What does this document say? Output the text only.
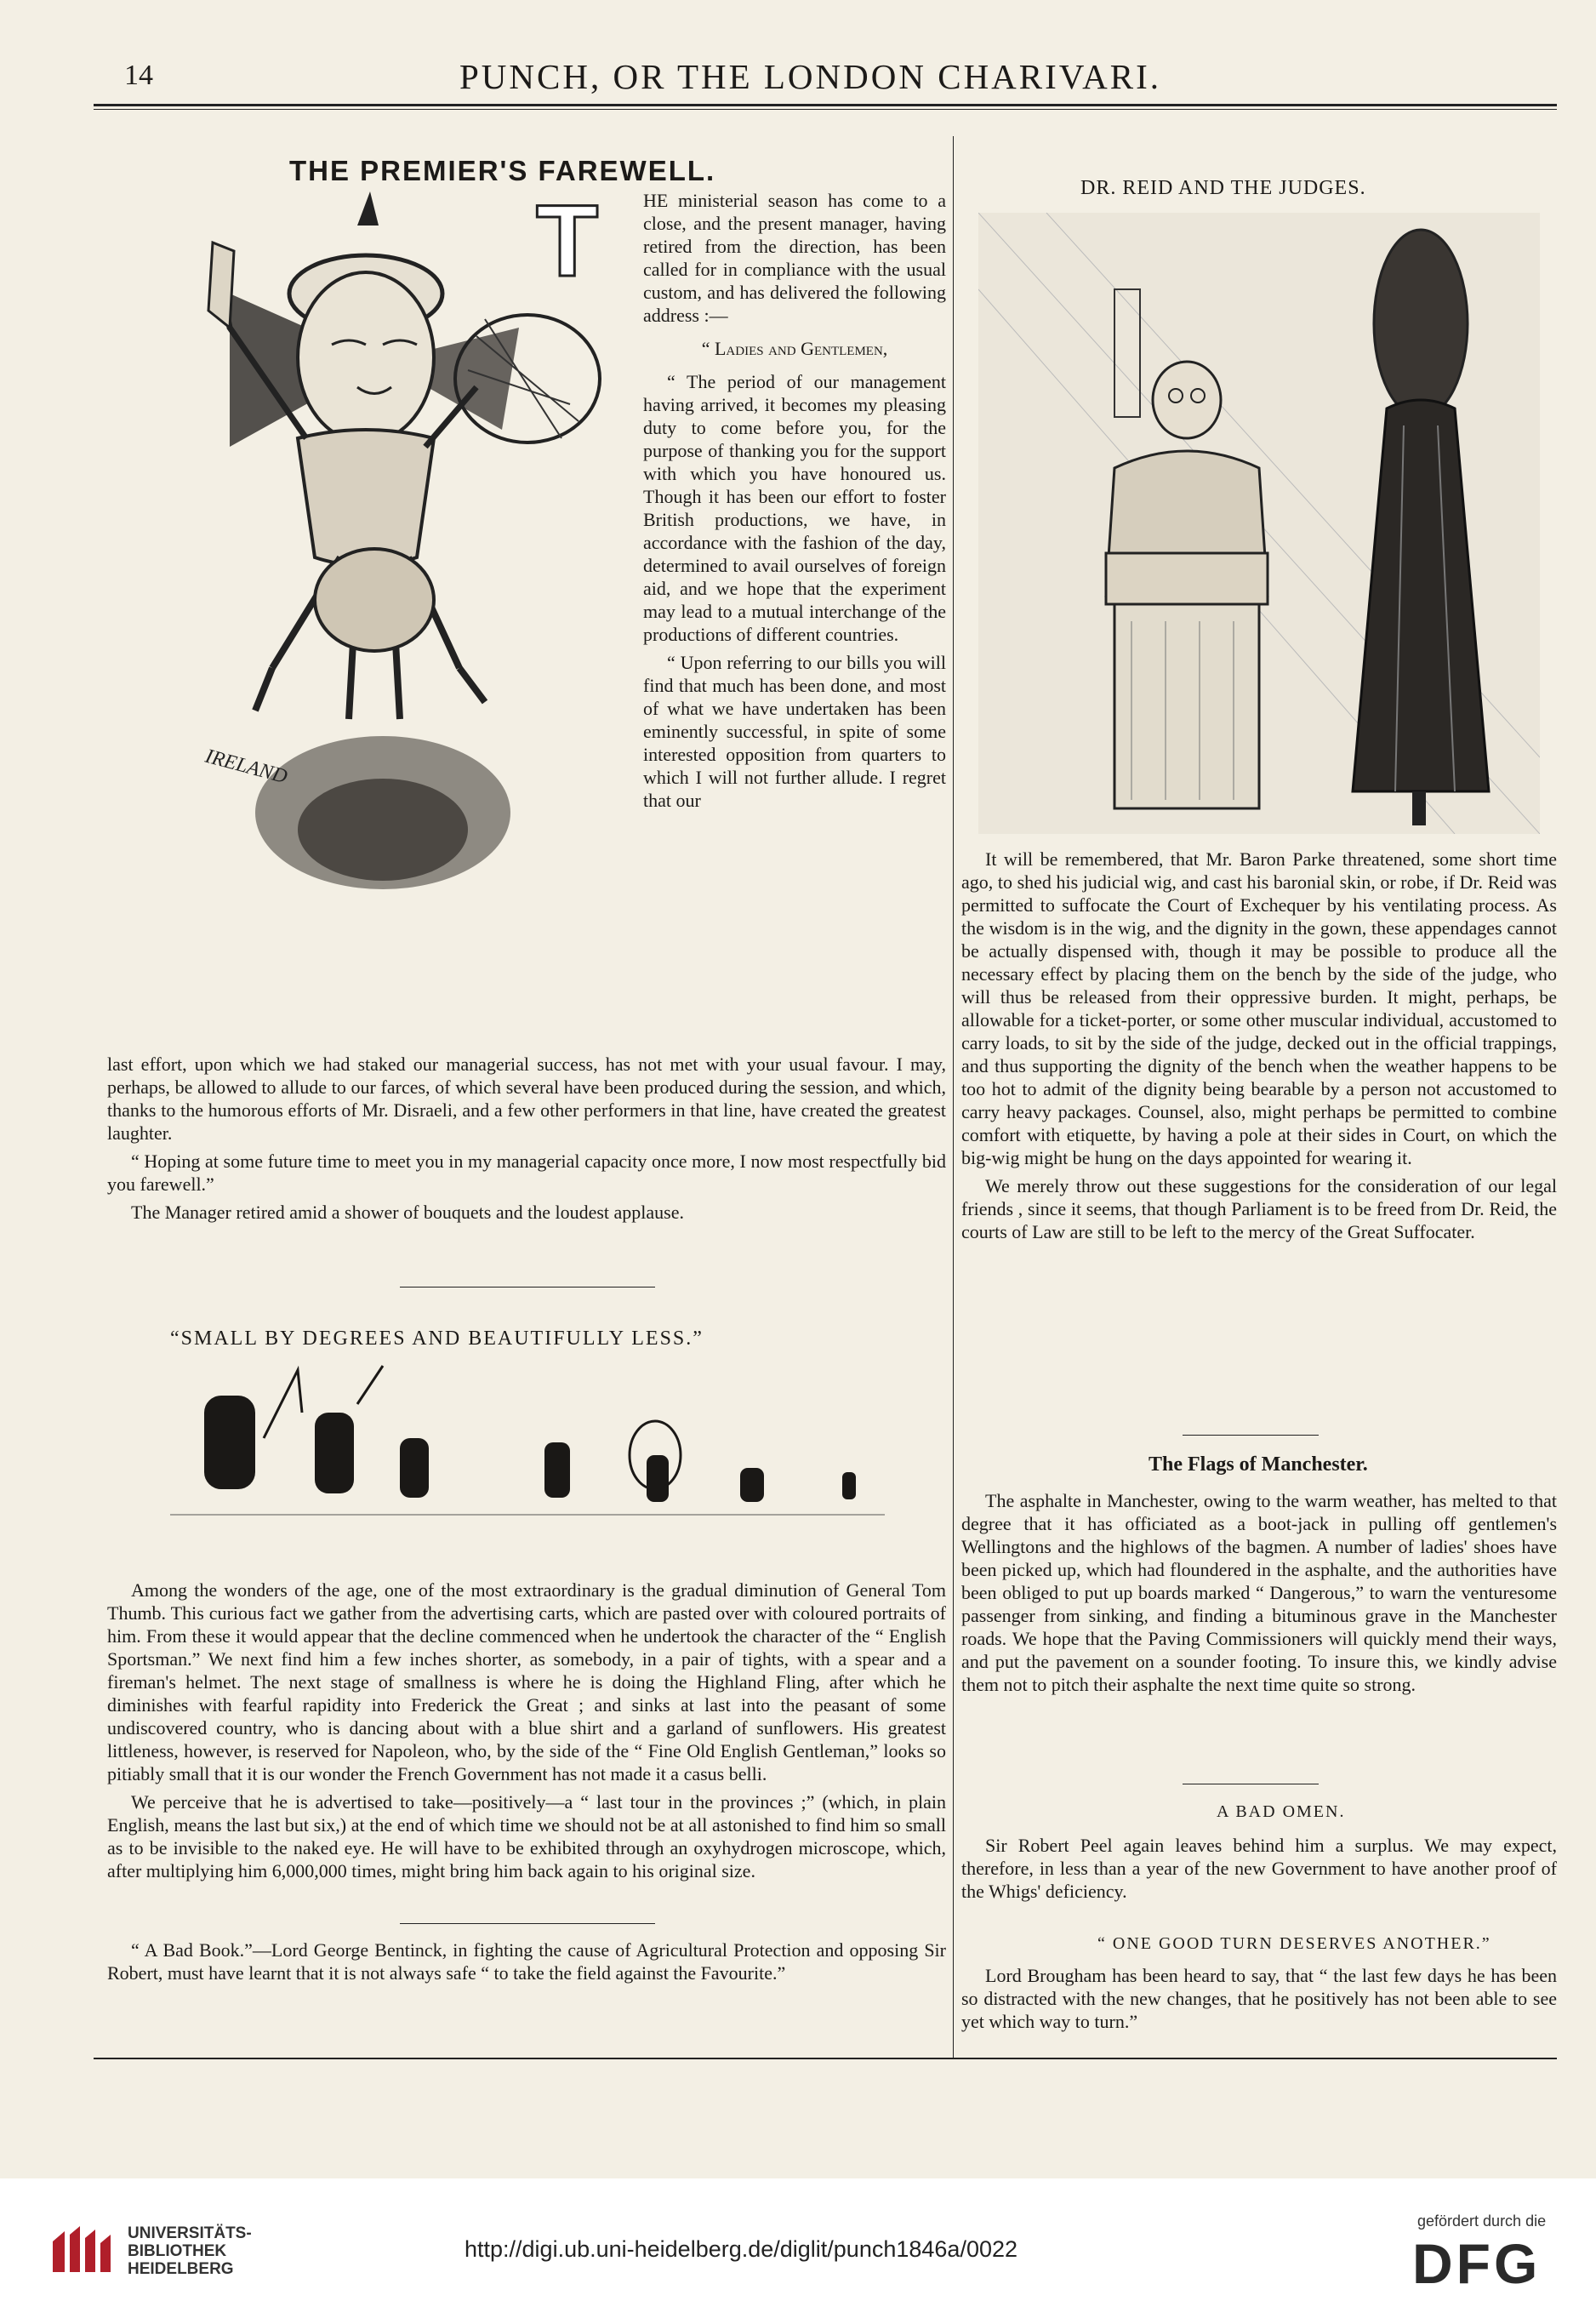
14	PUNCH, OR THE LONDON CHARIVARI.
THE PREMIER'S FAREWELL.
IRELAND
T HE ministerial season has come to a close, and the present manager, having retired from the direction, has been called for in compliance with the usual custom, and has delivered the following address :—

“ Ladies and Gentlemen,

“ The period of our management having arrived, it becomes my pleasing duty to come before you, for the purpose of thanking you for the support with which you have honoured us. Though it has been our effort to foster British productions, we have, in accordance with the fashion of the day, determined to avail ourselves of foreign aid, and we hope that the experiment may lead to a mutual interchange of the productions of different countries.

“ Upon referring to our bills you will find that much has been done, and most of what we have undertaken has been eminently successful, in spite of some interested opposition from quarters to which I will not further allude. I regret that our

last effort, upon which we had staked our managerial success, has not met with your usual favour. I may, perhaps, be allowed to allude to our farces, of which several have been produced during the session, and which, thanks to the humorous efforts of Mr. Disraeli, and a few other performers in that line, have created the greatest laughter.

“ Hoping at some future time to meet you in my managerial capacity once more, I now most respectfully bid you farewell.”

The Manager retired amid a shower of bouquets and the loudest applause.

“SMALL BY DEGREES AND BEAUTIFULLY LESS.”

Among the wonders of the age, one of the most extraordinary is the gradual diminution of General Tom Thumb. This curious fact we gather from the advertising carts, which are pasted over with coloured portraits of him. From these it would appear that the decline commenced when he undertook the character of the “ English Sportsman.” We next find him a few inches shorter, as somebody, in a pair of tights, with a spear and a fireman's helmet. The next stage of smallness is where he is doing the Highland Fling, after which he diminishes with fearful rapidity into Frederick the Great ; and sinks at last into the peasant of some undiscovered country, who is dancing about with a blue shirt and a garland of sunflowers. His greatest littleness, however, is reserved for Napoleon, who, by the side of the “ Fine Old English Gentleman,” looks so pitiably small that it is our wonder the French Government has not made it a casus belli.

We perceive that he is advertised to take—positively—a “ last tour in the provinces ;” (which, in plain English, means the last but six,) at the end of which time we should not be at all astonished to find him so small as to be invisible to the naked eye. He will have to be exhibited through an oxyhydrogen microscope, which, after multiplying him 6,000,000 times, might bring him back again to his original size.

“ A Bad Book.”—Lord George Bentinck, in fighting the cause of Agricultural Protection and opposing Sir Robert, must have learnt that it is not always safe “ to take the field against the Favourite.”

DR. REID AND THE JUDGES.

It will be remembered, that Mr. Baron Parke threatened, some short time ago, to shed his judicial wig, and cast his baronial skin, or robe, if Dr. Reid was permitted to suffocate the Court of Exchequer by his ventilating process. As the wisdom is in the wig, and the dignity in the gown, these appendages cannot be actually dispensed with, though it may be possible to produce all the necessary effect by placing them on the bench by the side of the judge, who will thus be released from their oppressive burden. It might, perhaps, be allowable for a ticket-porter, or some other muscular individual, accustomed to carry loads, to sit by the side of the judge, decked out in the official trappings, and thus supporting the dignity of the bench when the weather happens to be too hot to admit of the dignity being bearable by a person not accustomed to carry heavy packages. Counsel, also, might perhaps be permitted to combine comfort with etiquette, by having a pole at their sides in Court, on which the big-wig might be hung on the days appointed for wearing it.

We merely throw out these suggestions for the consideration of our legal friends , since it seems, that though Parliament is to be freed from Dr. Reid, the courts of Law are still to be left to the mercy of the Great Suffocater.

The Flags of Manchester.

The asphalte in Manchester, owing to the warm weather, has melted to that degree that it has officiated as a boot-jack in pulling off gentlemen's Wellingtons and the highlows of the bagmen. A number of ladies' shoes have been picked up, which had floundered in the asphalte, and the authorities have been obliged to put up boards marked “ Dangerous,” to warn the venturesome passenger from sinking, and finding a bituminous grave in the Manchester roads. We hope that the Paving Commissioners will quickly mend their ways, and put the pavement on a sounder footing. To insure this, we kindly advise them not to pitch their asphalte the next time quite so strong.

A BAD OMEN.

Sir Robert Peel again leaves behind him a surplus. We may expect, therefore, in less than a year of the new Government to have another proof of the Whigs' deficiency.

“ ONE GOOD TURN DESERVES ANOTHER.”

Lord Brougham has been heard to say, that “ the last few days he has been so distracted with the new changes, that he positively has not been able to see yet which way to turn.”

UNIVERSITÄTS-
BIBLIOTHEK
HEIDELBERG
http://digi.ub.uni-heidelberg.de/diglit/punch1846a/0022
gefördert durch die
DFG
